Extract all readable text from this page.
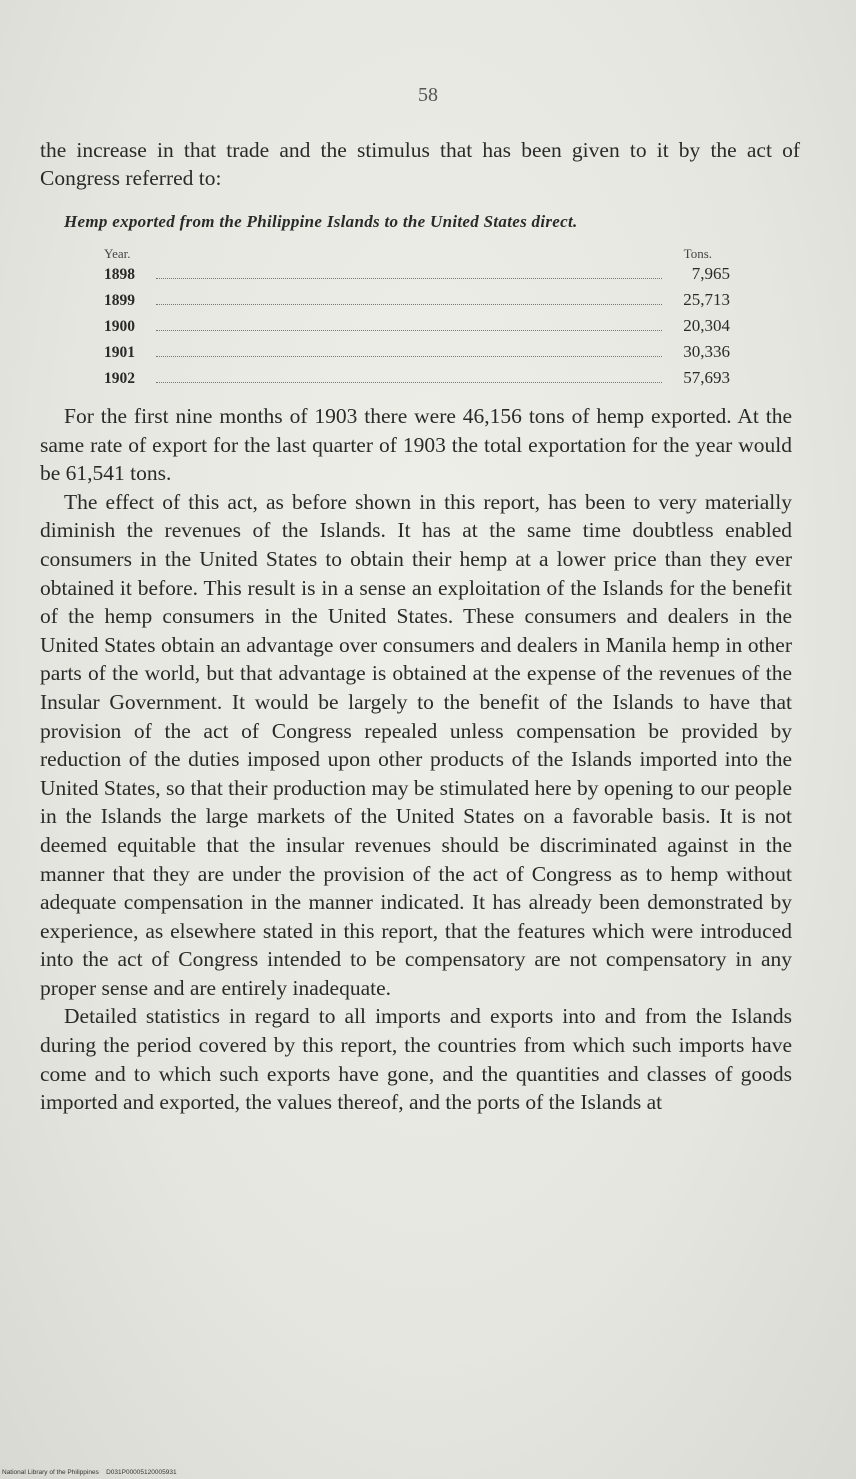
58
the increase in that trade and the stimulus that has been given to it by the act of Congress referred to:
Hemp exported from the Philippine Islands to the United States direct.
Year.	Tons.
1898	7,965
1899	25,713
1900	20,304
1901	30,336
1902	57,693

For the first nine months of 1903 there were 46,156 tons of hemp exported. At the same rate of export for the last quarter of 1903 the total exportation for the year would be 61,541 tons.

The effect of this act, as before shown in this report, has been to very materially diminish the revenues of the Islands. It has at the same time doubtless enabled consumers in the United States to obtain their hemp at a lower price than they ever obtained it before. This result is in a sense an exploitation of the Islands for the benefit of the hemp consumers in the United States. These consumers and dealers in the United States obtain an advantage over consumers and dealers in Manila hemp in other parts of the world, but that advantage is obtained at the expense of the revenues of the Insular Government. It would be largely to the benefit of the Islands to have that provision of the act of Congress repealed unless compensation be provided by reduction of the duties imposed upon other products of the Islands imported into the United States, so that their production may be stimulated here by opening to our people in the Islands the large markets of the United States on a favorable basis. It is not deemed equitable that the insular revenues should be discriminated against in the manner that they are under the provision of the act of Congress as to hemp without adequate compensation in the manner indicated. It has already been demonstrated by experience, as elsewhere stated in this report, that the features which were introduced into the act of Congress intended to be compensatory are not compensatory in any proper sense and are entirely inadequate.

Detailed statistics in regard to all imports and exports into and from the Islands during the period covered by this report, the countries from which such imports have come and to which such exports have gone, and the quantities and classes of goods imported and exported, the values thereof, and the ports of the Islands at

National Library of the Philippines D031P00005120005931
